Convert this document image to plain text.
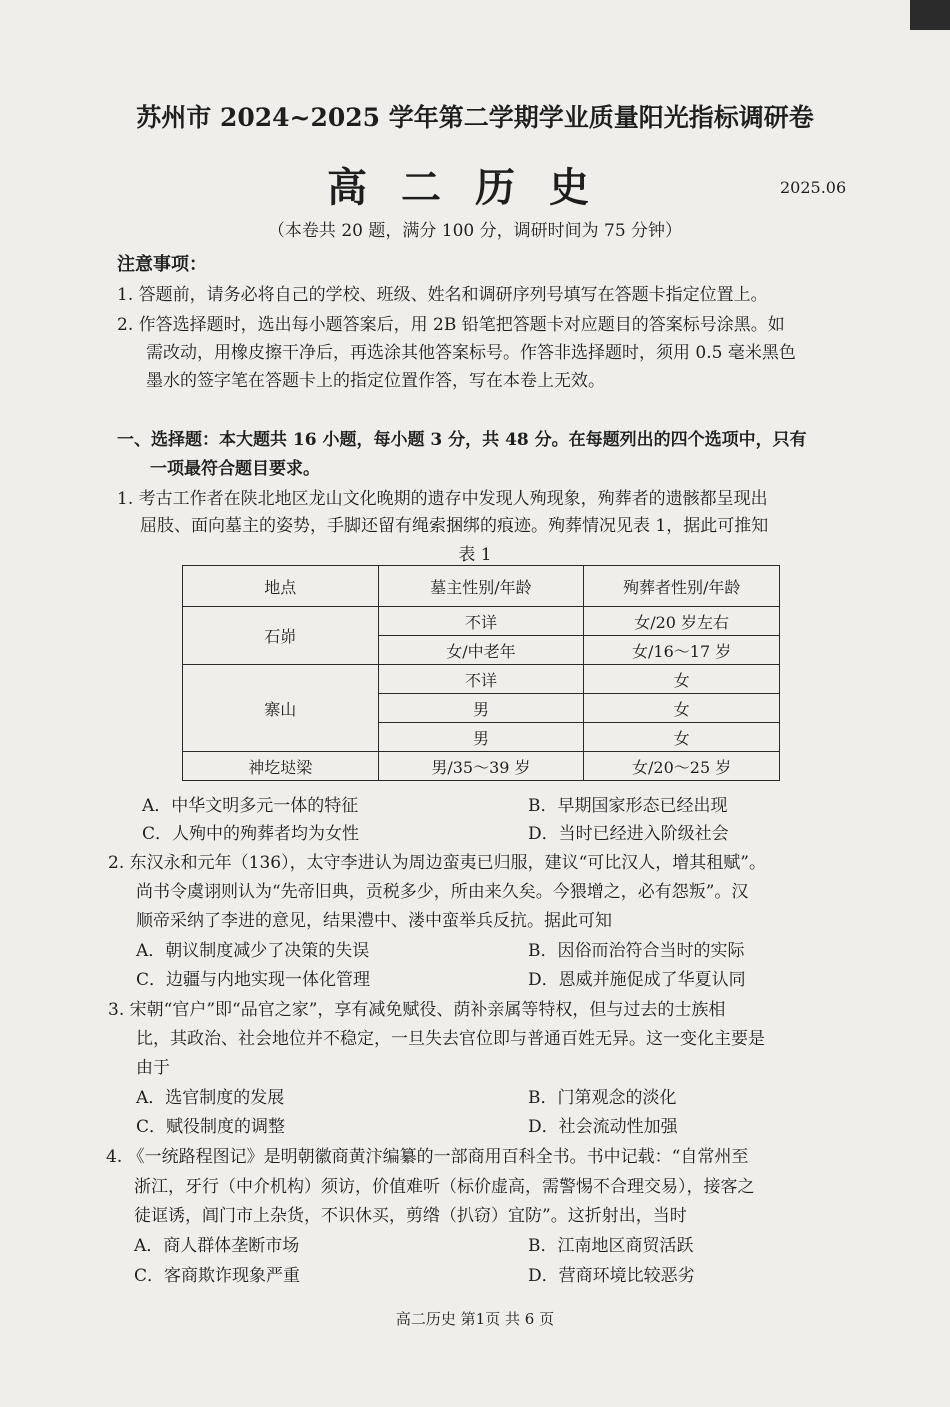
苏州市 2024~2025 学年第二学期学业质量阳光指标调研卷
高二历史	2025.06
（本卷共 20 题，满分 100 分，调研时间为 75 分钟）
注意事项：
1. 答题前，请务必将自己的学校、班级、姓名和调研序列号填写在答题卡指定位置上。
2. 作答选择题时，选出每小题答案后，用 2B 铅笔把答题卡对应题目的答案标号涂黑。如
需改动，用橡皮擦干净后，再选涂其他答案标号。作答非选择题时，须用 0.5 毫米黑色
墨水的签字笔在答题卡上的指定位置作答，写在本卷上无效。
一、选择题：本大题共 16 小题，每小题 3 分，共 48 分。在每题列出的四个选项中，只有
一项最符合题目要求。
1. 考古工作者在陕北地区龙山文化晚期的遗存中发现人殉现象，殉葬者的遗骸都呈现出
屈肢、面向墓主的姿势，手脚还留有绳索捆绑的痕迹。殉葬情况见表 1，据此可推知
表 1
地点	墓主性别/年龄	殉葬者性别/年龄
石峁	不详	女/20 岁左右
	女/中老年	女/16～17 岁
寨山	不详	女
	男	女
	男	女
神圪垯梁	男/35～39 岁	女/20～25 岁
A．中华文明多元一体的特征	B．早期国家形态已经出现
C．人殉中的殉葬者均为女性	D．当时已经进入阶级社会
2. 东汉永和元年（136），太守李进认为周边蛮夷已归服，建议“可比汉人，增其租赋”。
尚书令虞诩则认为“先帝旧典，贡税多少，所由来久矣。今猥增之，必有怨叛”。汉
顺帝采纳了李进的意见，结果澧中、溇中蛮举兵反抗。据此可知
A．朝议制度减少了决策的失误	B．因俗而治符合当时的实际
C．边疆与内地实现一体化管理	D．恩威并施促成了华夏认同
3. 宋朝“官户”即“品官之家”，享有减免赋役、荫补亲属等特权，但与过去的士族相
比，其政治、社会地位并不稳定，一旦失去官位即与普通百姓无异。这一变化主要是
由于
A．选官制度的发展	B．门第观念的淡化
C．赋役制度的调整	D．社会流动性加强
4. 《一统路程图记》是明朝徽商黄汴编纂的一部商用百科全书。书中记载：“自常州至
浙江，牙行（中介机构）须访，价值难听（标价虚高，需警惕不合理交易），接客之
徒诓诱，阊门市上杂货，不识休买，剪绺（扒窃）宜防”。这折射出，当时
A．商人群体垄断市场	B．江南地区商贸活跃
C．客商欺诈现象严重	D．营商环境比较恶劣
高二历史 第1页 共 6 页
